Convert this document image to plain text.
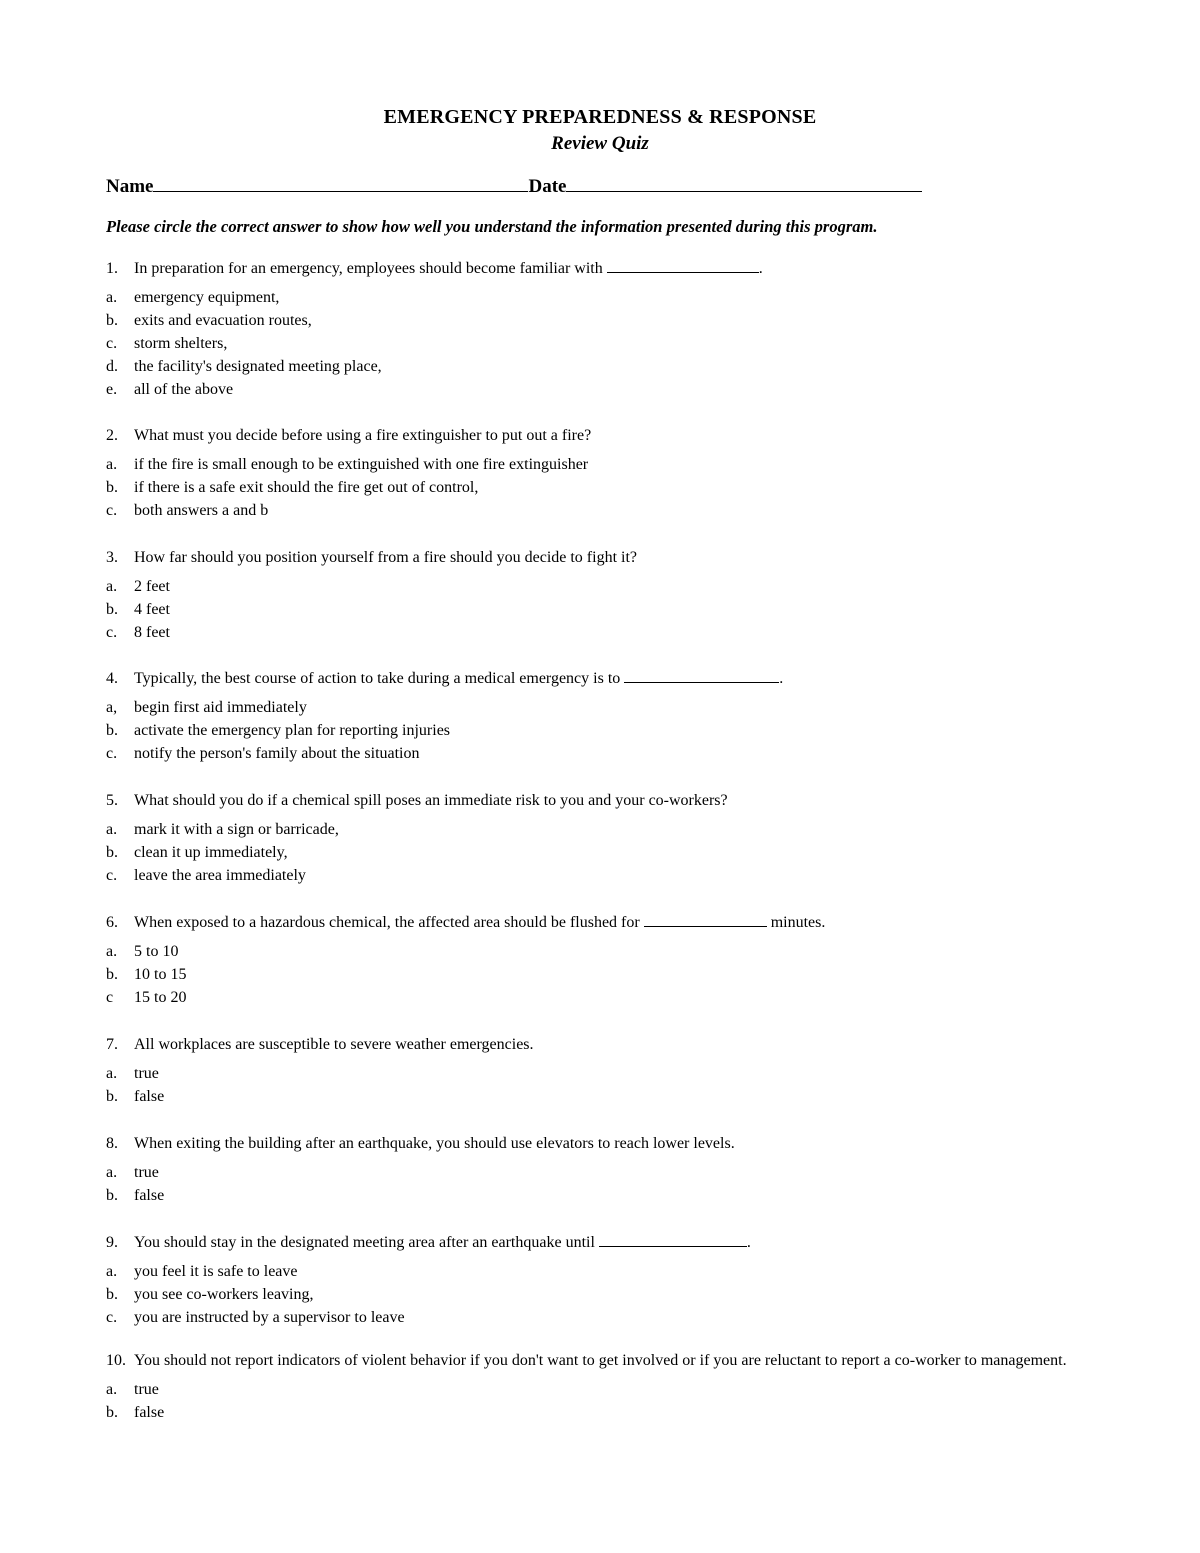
EMERGENCY PREPAREDNESS & RESPONSE
Review Quiz
Name	Date
Please circle the correct answer to show how well you understand the information presented during this program.
1. In preparation for an emergency, employees should become familiar with	.
a. emergency equipment,
b. exits and evacuation routes,
c. storm shelters,
d. the facility's designated meeting place,
e. all of the above
2. What must you decide before using a fire extinguisher to put out a fire?
a. if the fire is small enough to be extinguished with one fire extinguisher
b. if there is a safe exit should the fire get out of control,
c. both answers a and b
3. How far should you position yourself from a fire should you decide to fight it?
a. 2 feet
b. 4 feet
c. 8 feet
4. Typically, the best course of action to take during a medical emergency is to	.
a, begin first aid immediately
b. activate the emergency plan for reporting injuries
c. notify the person's family about the situation
5. What should you do if a chemical spill poses an immediate risk to you and your co-workers?
a. mark it with a sign or barricade,
b. clean it up immediately,
c. leave the area immediately
6. When exposed to a hazardous chemical, the affected area should be flushed for	minutes.
a. 5 to 10
b. 10 to 15
c 15 to 20
7. All workplaces are susceptible to severe weather emergencies.
a. true
b. false
8. When exiting the building after an earthquake, you should use elevators to reach lower levels.
a. true
b. false
9. You should stay in the designated meeting area after an earthquake until	.
a. you feel it is safe to leave
b. you see co-workers leaving,
c. you are instructed by a supervisor to leave
10. You should not report indicators of violent behavior if you don't want to get involved or if you are reluctant to report a co-worker to management.
a. true
b. false
